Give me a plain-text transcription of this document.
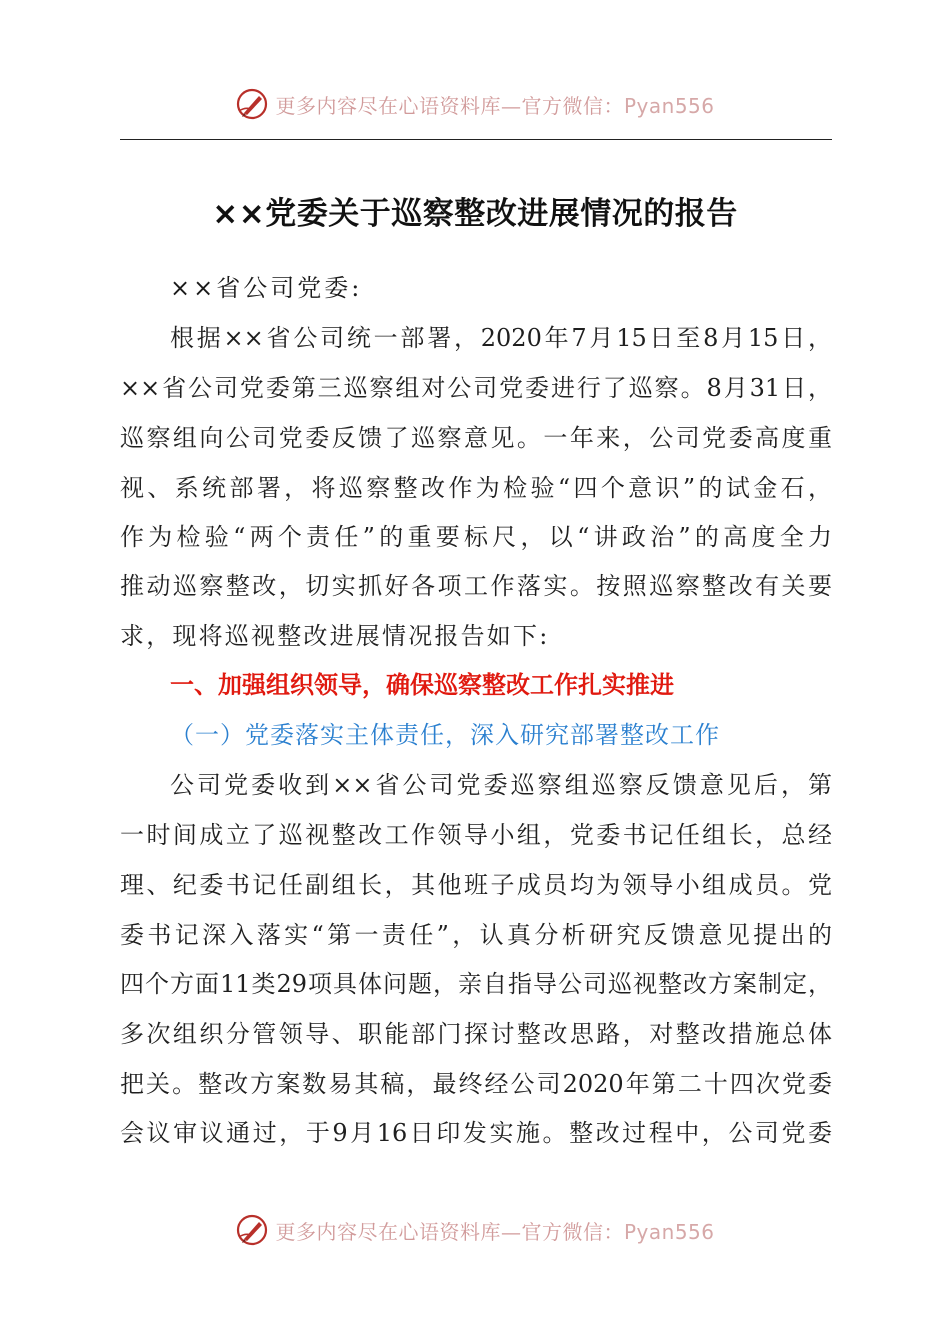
更多内容尽在心语资料库—官方微信：Pyan556
××党委关于巡察整改进展情况的报告
××省公司党委:
根据××省公司统一部署，2020年7月15日至8月15日，
××省公司党委第三巡察组对公司党委进行了巡察。8月31日，
巡察组向公司党委反馈了巡察意见。一年来，公司党委高度重
视、系统部署，将巡察整改作为检验“四个意识”的试金石，
作为检验“两个责任”的重要标尺，以“讲政治”的高度全力
推动巡察整改，切实抓好各项工作落实。按照巡察整改有关要
求，现将巡视整改进展情况报告如下:
一、加强组织领导，确保巡察整改工作扎实推进
（一）党委落实主体责任，深入研究部署整改工作
公司党委收到××省公司党委巡察组巡察反馈意见后，第
一时间成立了巡视整改工作领导小组，党委书记任组长，总经
理、纪委书记任副组长，其他班子成员均为领导小组成员。党
委书记深入落实“第一责任”，认真分析研究反馈意见提出的
四个方面11类29项具体问题，亲自指导公司巡视整改方案制定，
多次组织分管领导、职能部门探讨整改思路，对整改措施总体
把关。整改方案数易其稿，最终经公司2020年第二十四次党委
会议审议通过，于9月16日印发实施。整改过程中，公司党委
更多内容尽在心语资料库—官方微信：Pyan556
